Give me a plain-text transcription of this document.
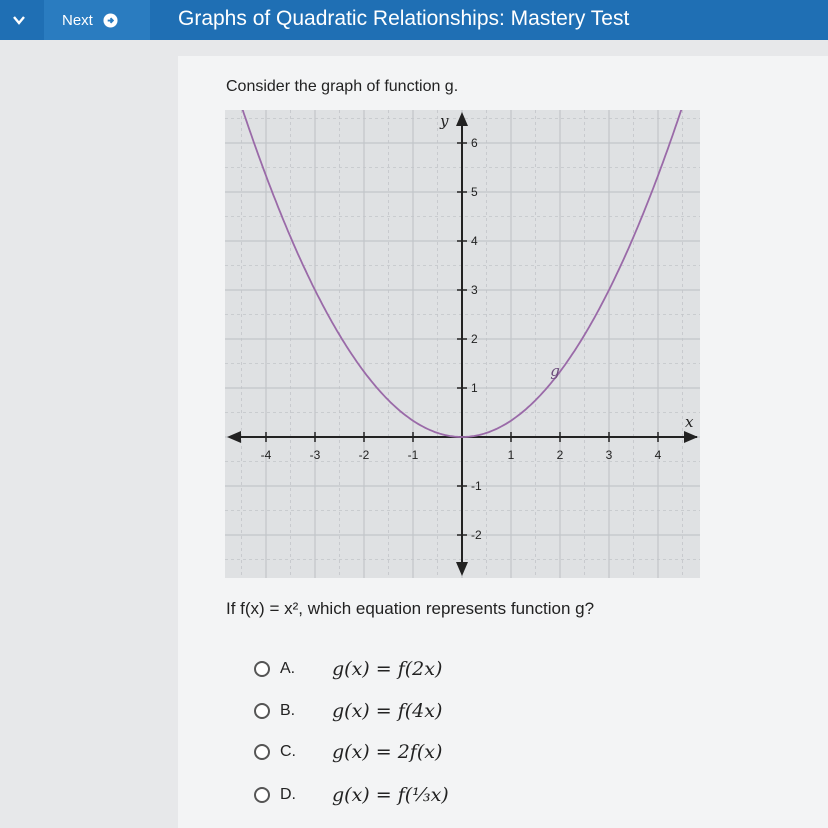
Next	Graphs of Quadratic Relationships: Mastery Test
Consider the graph of function g.
-4	-3	-2	-1	1	2	3	4
6
5
4
3
2
1
-1
-2
x
y
g
If f(x) = x², which equation represents function g?
A.	g(x) = f(2x)
B.	g(x) = f(4x)
C.	g(x) = 2f(x)
D.	g(x) = f(⅓x)
